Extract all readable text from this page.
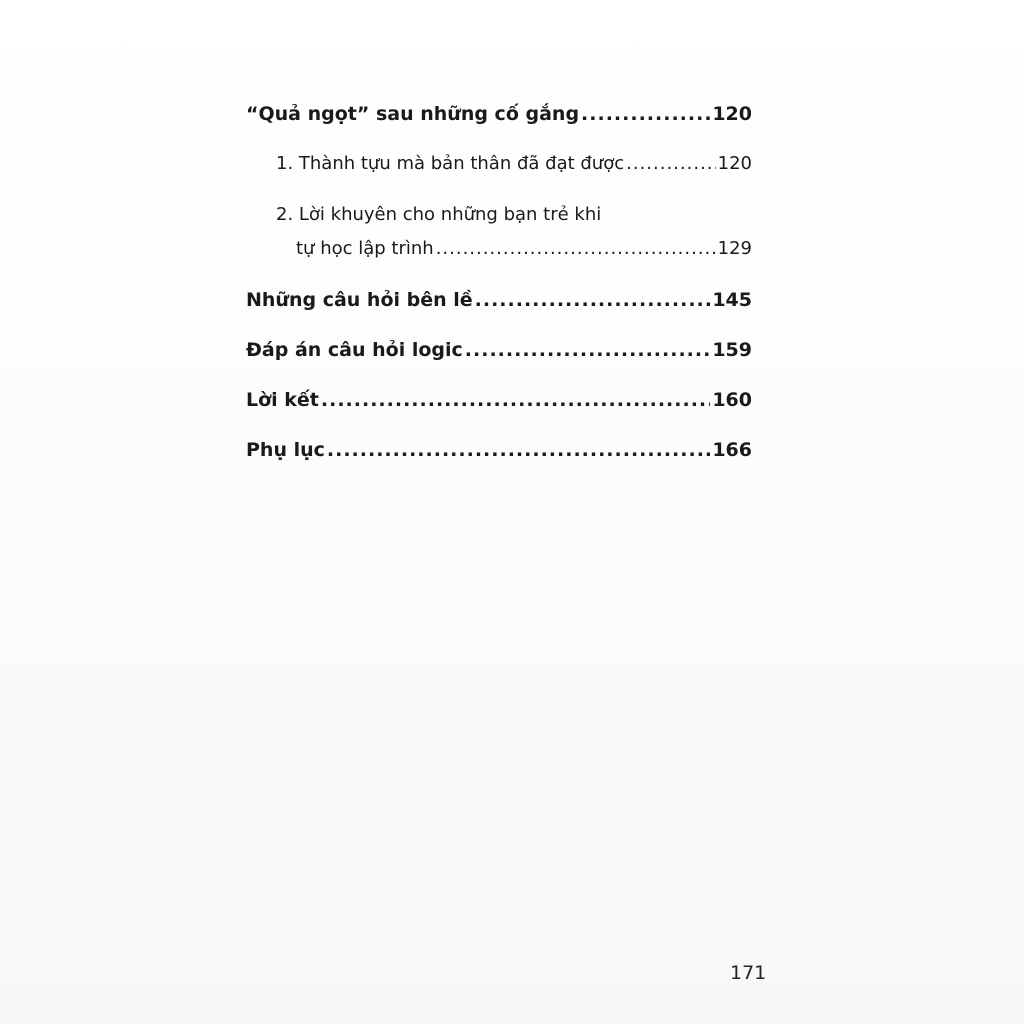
“Quả ngọt” sau những cố gắng .....	120
1. Thành tựu mà bản thân đã đạt được .....	120
2. Lời khuyên cho những bạn trẻ khi
tự học lập trình .....	129
Những câu hỏi bên lề .....	145
Đáp án câu hỏi logic .....	159
Lời kết .....	160
Phụ lục .....	166
171
